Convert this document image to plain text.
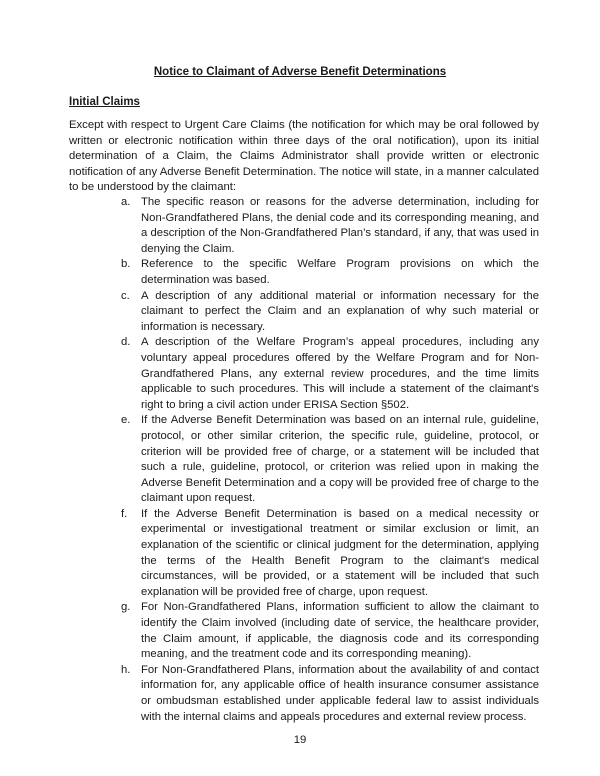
Notice to Claimant of Adverse Benefit Determinations
Initial Claims

Except with respect to Urgent Care Claims (the notification for which may be oral followed by written or electronic notification within three days of the oral notification), upon its initial determination of a Claim, the Claims Administrator shall provide written or electronic notification of any Adverse Benefit Determination. The notice will state, in a manner calculated to be understood by the claimant:

a. The specific reason or reasons for the adverse determination, including for Non-Grandfathered Plans, the denial code and its corresponding meaning, and a description of the Non-Grandfathered Plan’s standard, if any, that was used in denying the Claim.
b. Reference to the specific Welfare Program provisions on which the determination was based.
c. A description of any additional material or information necessary for the claimant to perfect the Claim and an explanation of why such material or information is necessary.
d. A description of the Welfare Program’s appeal procedures, including any voluntary appeal procedures offered by the Welfare Program and for Non-Grandfathered Plans, any external review procedures, and the time limits applicable to such procedures. This will include a statement of the claimant's right to bring a civil action under ERISA Section §502.
e. If the Adverse Benefit Determination was based on an internal rule, guideline, protocol, or other similar criterion, the specific rule, guideline, protocol, or criterion will be provided free of charge, or a statement will be included that such a rule, guideline, protocol, or criterion was relied upon in making the Adverse Benefit Determination and a copy will be provided free of charge to the claimant upon request.
f.	If the Adverse Benefit Determination is based on a medical necessity or experimental or investigational treatment or similar exclusion or limit, an explanation of the scientific or clinical judgment for the determination, applying the terms of the Health Benefit Program to the claimant's medical circumstances, will be provided, or a statement will be included that such explanation will be provided free of charge, upon request.
g. For Non-Grandfathered Plans, information sufficient to allow the claimant to identify the Claim involved (including date of service, the healthcare provider, the Claim amount, if applicable, the diagnosis code and its corresponding meaning, and the treatment code and its corresponding meaning).
h. For Non-Grandfathered Plans, information about the availability of and contact information for, any applicable office of health insurance consumer assistance or ombudsman established under applicable federal law to assist individuals with the internal claims and appeals procedures and external review process.
19
